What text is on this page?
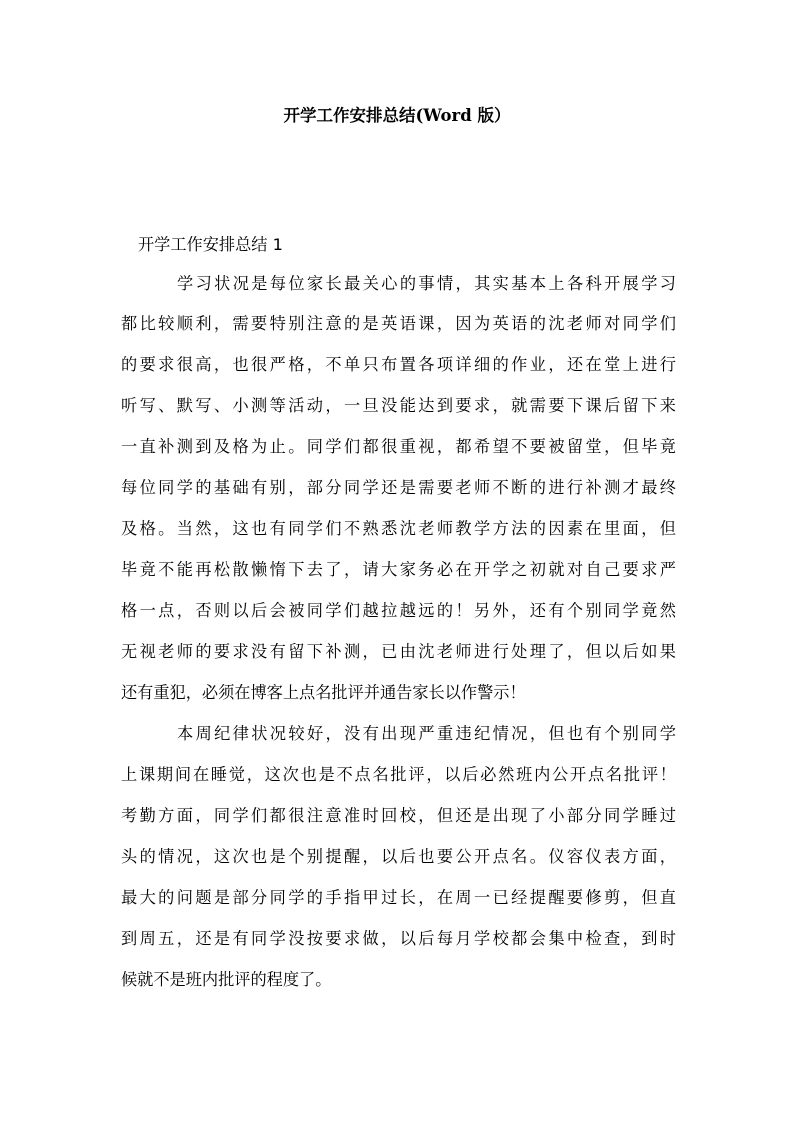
开学工作安排总结(Word 版）
开学工作安排总结 1
学习状况是每位家长最关心的事情，其实基本上各科开展学习
都比较顺利，需要特别注意的是英语课，因为英语的沈老师对同学们
的要求很高，也很严格，不单只布置各项详细的作业，还在堂上进行
听写、默写、小测等活动，一旦没能达到要求，就需要下课后留下来
一直补测到及格为止。同学们都很重视，都希望不要被留堂，但毕竟
每位同学的基础有别，部分同学还是需要老师不断的进行补测才最终
及格。当然，这也有同学们不熟悉沈老师教学方法的因素在里面，但
毕竟不能再松散懒惰下去了，请大家务必在开学之初就对自己要求严
格一点，否则以后会被同学们越拉越远的！另外，还有个别同学竟然
无视老师的要求没有留下补测，已由沈老师进行处理了，但以后如果
还有重犯，必须在博客上点名批评并通告家长以作警示！
本周纪律状况较好，没有出现严重违纪情况，但也有个别同学
上课期间在睡觉，这次也是不点名批评，以后必然班内公开点名批评！
考勤方面，同学们都很注意准时回校，但还是出现了小部分同学睡过
头的情况，这次也是个别提醒，以后也要公开点名。仪容仪表方面，
最大的问题是部分同学的手指甲过长，在周一已经提醒要修剪，但直
到周五，还是有同学没按要求做，以后每月学校都会集中检查，到时
候就不是班内批评的程度了。
